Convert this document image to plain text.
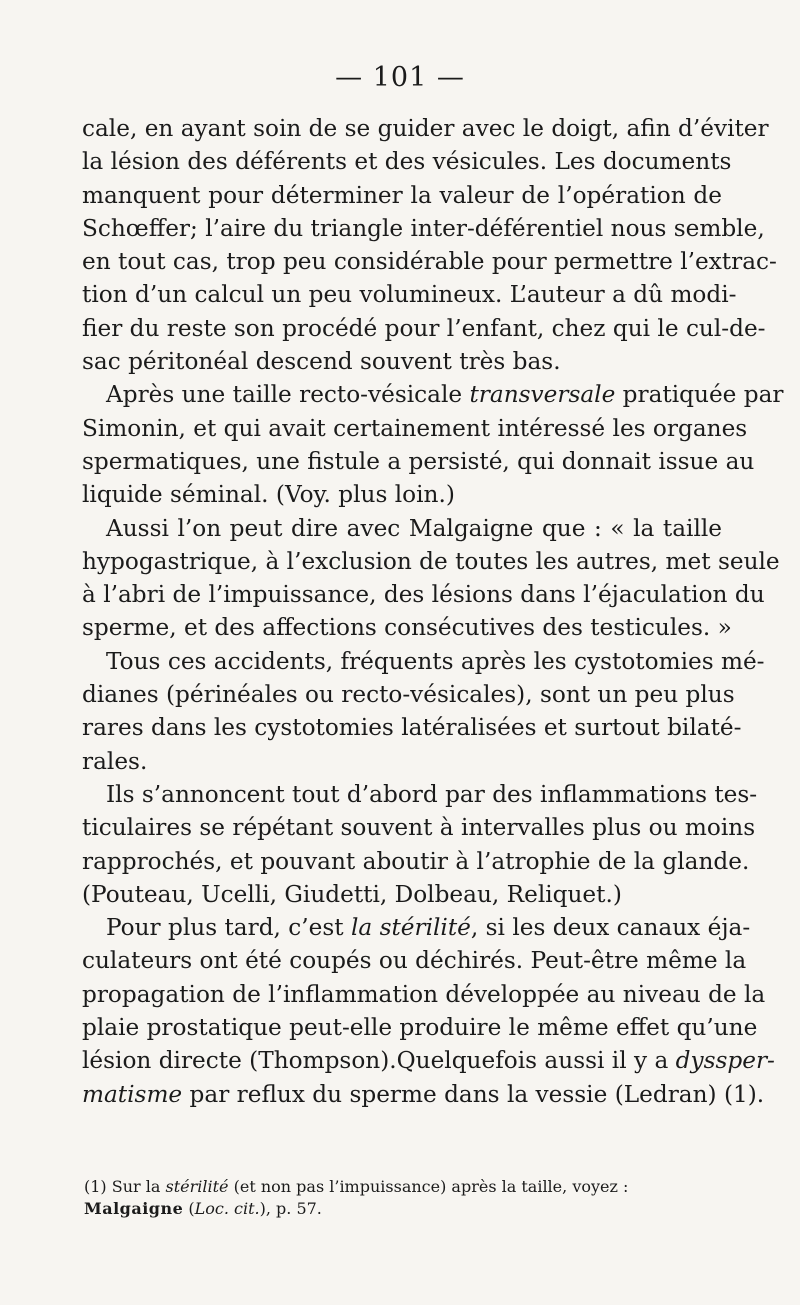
— 101 —
cale, en ayant soin de se guider avec le doigt, afin d’éviter
la lésion des déférents et des vésicules. Les documents
manquent pour déterminer la valeur de l’opération de
Schœffer; l’aire du triangle inter-déférentiel nous semble,
en tout cas, trop peu considérable pour permettre l’extrac-
tion d’un calcul un peu volumineux. L’auteur a dû modi-
fier du reste son procédé pour l’enfant, chez qui le cul-de-
sac péritonéal descend souvent très bas.
Après une taille recto-vésicale transversale pratiquée par
Simonin, et qui avait certainement intéressé les organes
spermatiques, une fistule a persisté, qui donnait issue au
liquide séminal. (Voy. plus loin.)
Aussi l’on peut dire avec Malgaigne que : « la taille
hypogastrique, à l’exclusion de toutes les autres, met seule
à l’abri de l’impuissance, des lésions dans l’éjaculation du
sperme, et des affections consécutives des testicules. »
Tous ces accidents, fréquents après les cystotomies mé-
dianes (périnéales ou recto-vésicales), sont un peu plus
rares dans les cystotomies latéralisées et surtout bilaté-
rales.
Ils s’annoncent tout d’abord par des inflammations tes-
ticulaires se répétant souvent à intervalles plus ou moins
rapprochés, et pouvant aboutir à l’atrophie de la glande.
(Pouteau, Ucelli, Giudetti, Dolbeau, Reliquet.)
Pour plus tard, c’est la stérilité, si les deux canaux éja-
culateurs ont été coupés ou déchirés. Peut-être même la
propagation de l’inflammation développée au niveau de la
plaie prostatique peut-elle produire le même effet qu’une
lésion directe (Thompson).Quelquefois aussi il y a dyssper-
matisme par reflux du sperme dans la vessie (Ledran) (1).
(1) Sur la stérilité (et non pas l’impuissance) après la taille, voyez :
Malgaigne (Loc. cit.), p. 57.
